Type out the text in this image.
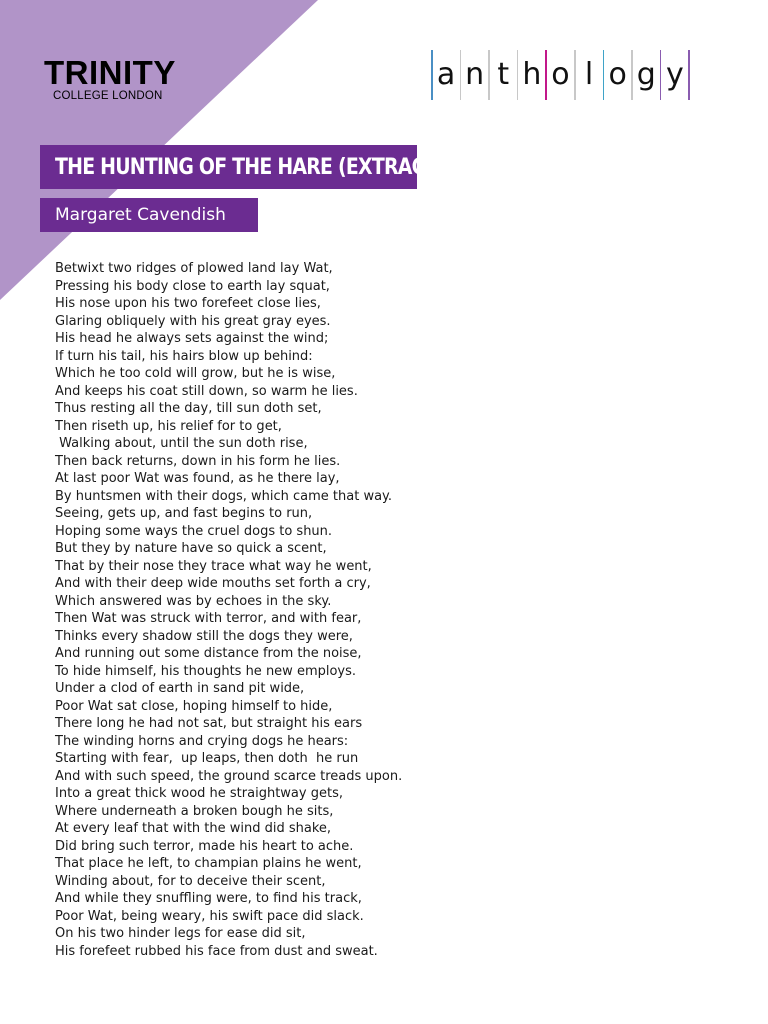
TRINITY
COLLEGE LONDON
a n t h o l o g y
THE HUNTING OF THE HARE (EXTRACT)
Margaret Cavendish
Betwixt two ridges of plowed land lay Wat,
Pressing his body close to earth lay squat,
His nose upon his two forefeet close lies,
Glaring obliquely with his great gray eyes.
His head he always sets against the wind;
If turn his tail, his hairs blow up behind:
Which he too cold will grow, but he is wise,
And keeps his coat still down, so warm he lies.
Thus resting all the day, till sun doth set,
Then riseth up, his relief for to get,
Walking about, until the sun doth rise,
Then back returns, down in his form he lies.
At last poor Wat was found, as he there lay,
By huntsmen with their dogs, which came that way.
Seeing, gets up, and fast begins to run,
Hoping some ways the cruel dogs to shun.
But they by nature have so quick a scent,
That by their nose they trace what way he went,
And with their deep wide mouths set forth a cry,
Which answered was by echoes in the sky.
Then Wat was struck with terror, and with fear,
Thinks every shadow still the dogs they were,
And running out some distance from the noise,
To hide himself, his thoughts he new employs.
Under a clod of earth in sand pit wide,
Poor Wat sat close, hoping himself to hide,
There long he had not sat, but straight his ears
The winding horns and crying dogs he hears:
Starting with fear,  up leaps, then doth  he run
And with such speed, the ground scarce treads upon.
Into a great thick wood he straightway gets,
Where underneath a broken bough he sits,
At every leaf that with the wind did shake,
Did bring such terror, made his heart to ache.
That place he left, to champian plains he went,
Winding about, for to deceive their scent,
And while they snuffling were, to find his track,
Poor Wat, being weary, his swift pace did slack.
On his two hinder legs for ease did sit,
His forefeet rubbed his face from dust and sweat.
